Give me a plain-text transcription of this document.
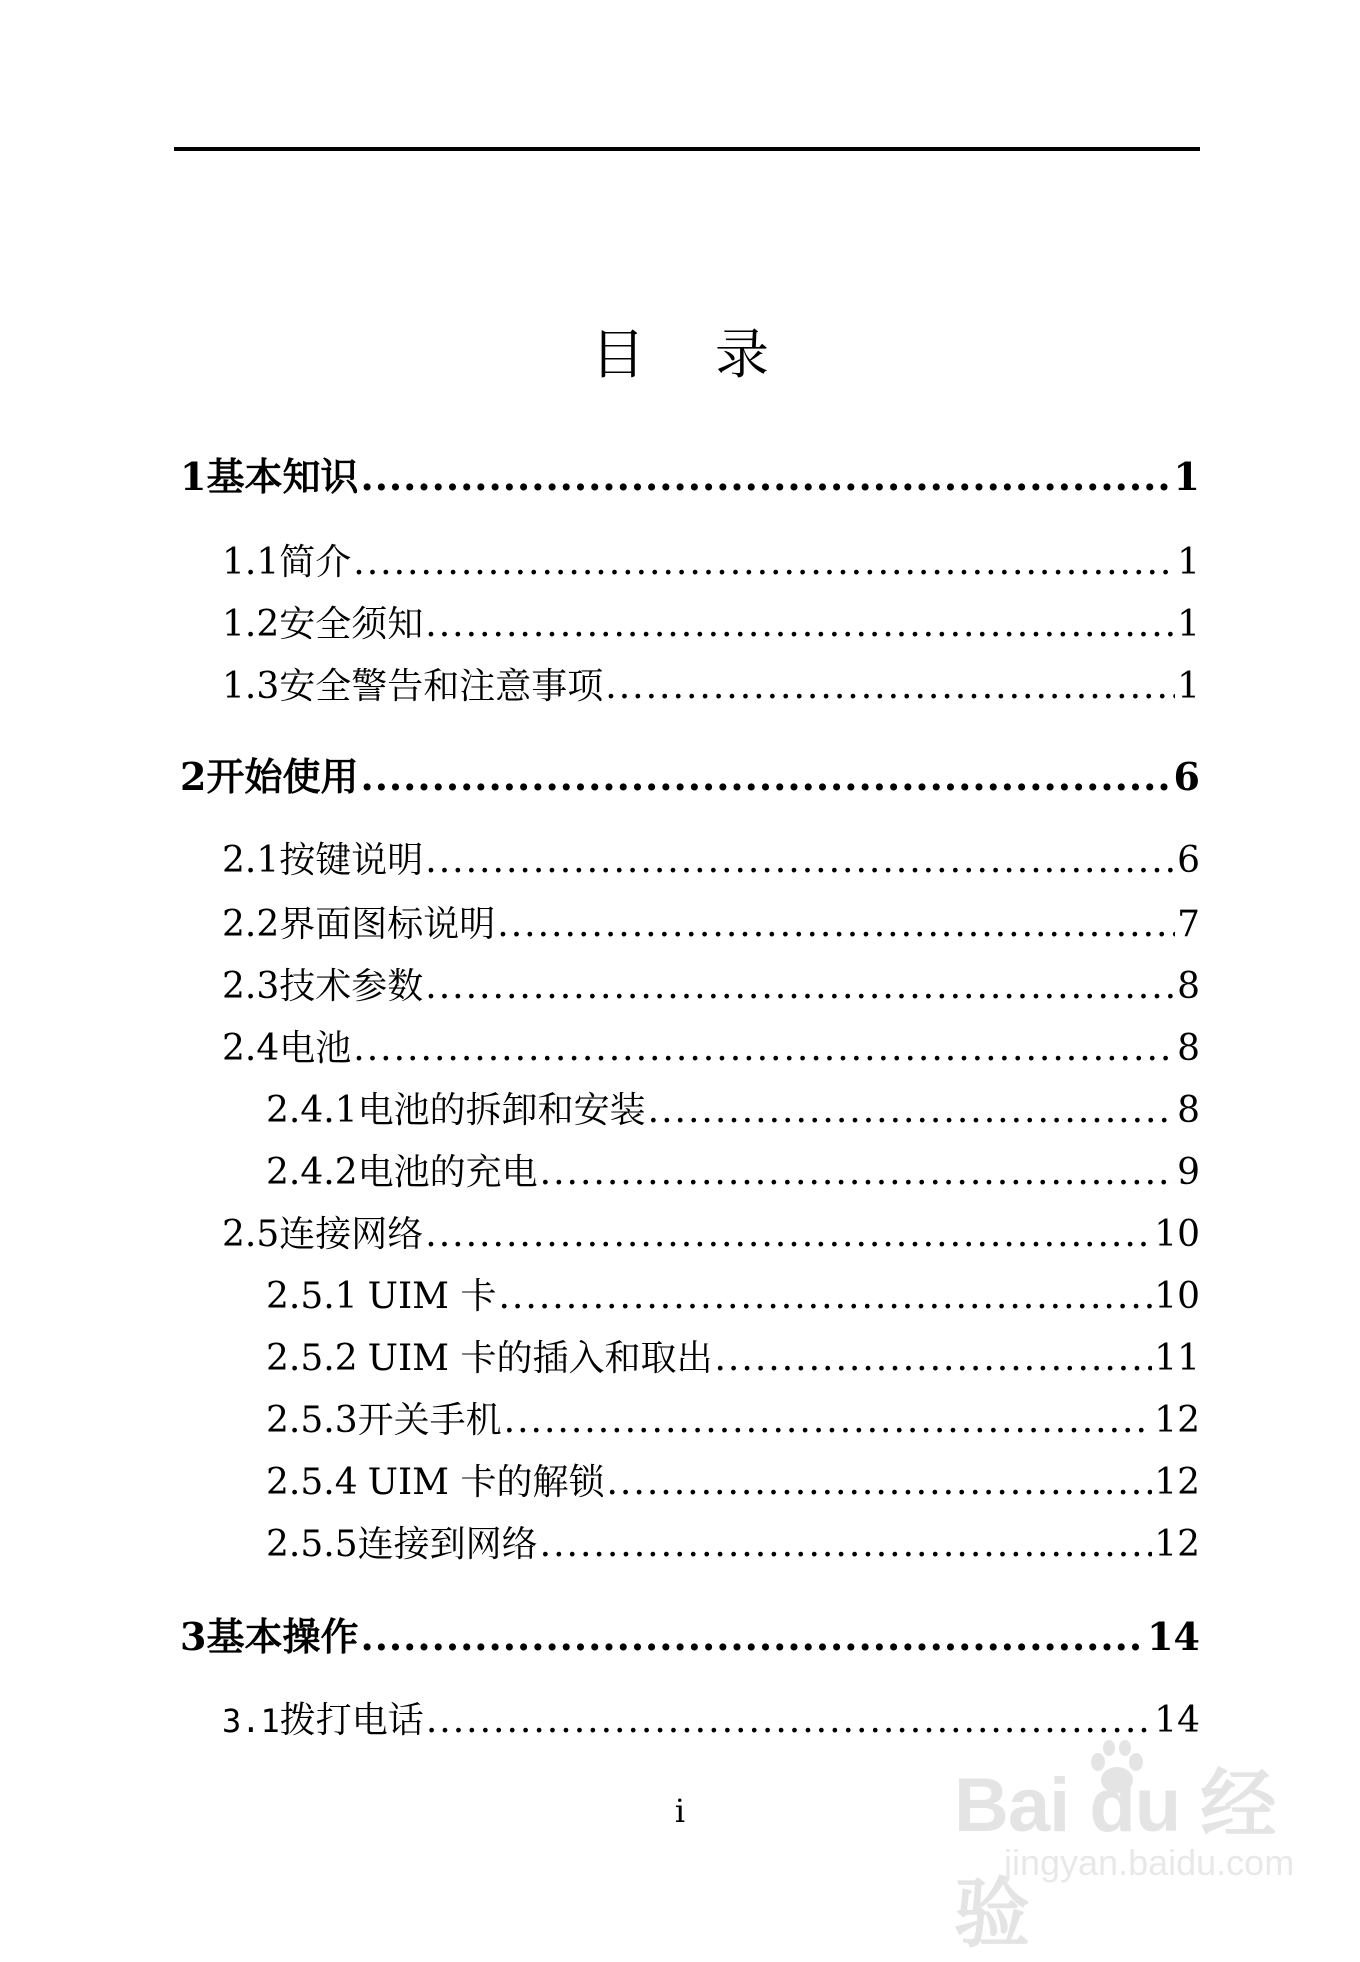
目 录
1 基本知识 .....	1
1.1 简介 .....	1
1.2 安全须知 .....	1
1.3 安全警告和注意事项 .....	1
2 开始使用 .....	6
2.1 按键说明 .....	6
2.2 界面图标说明 .....	7
2.3 技术参数 .....	8
2.4 电池 .....	8
2.4.1 电池的拆卸和安装 .....	8
2.4.2 电池的充电 .....	9
2.5 连接网络 .....	10
2.5.1 UIM 卡 .....	10
2.5.2 UIM 卡的插入和取出 .....	11
2.5.3 开关手机 .....	12
2.5.4 UIM 卡的解锁 .....	12
2.5.5 连接到网络 .....	12
3 基本操作 .....	14
3.1 拨打电话 .....	14
i	Bai du 经验
jingyan.baidu.com
